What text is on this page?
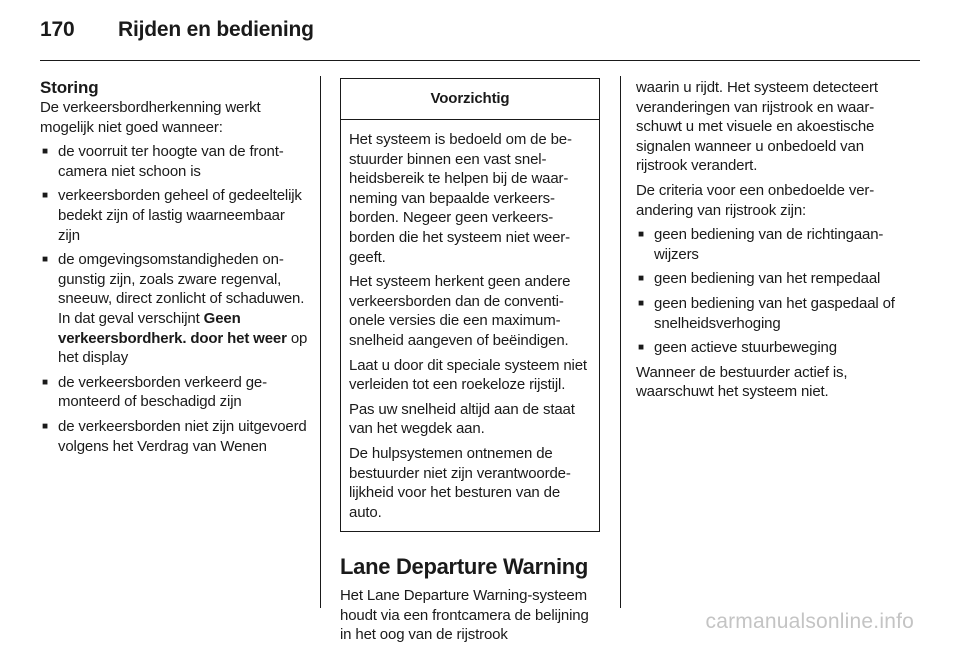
170 Rijden en bediening
Storing

De verkeersbordherkenning werkt mogelijk niet goed wanneer:

■ de voorruit ter hoogte van de frontcamera niet schoon is
■ verkeersborden geheel of gedeeltelijk bedekt zijn of lastig waarneembaar zijn
■ de omgevingsomstandigheden ongunstig zijn, zoals zware regenval, sneeuw, direct zonlicht of schaduwen. In dat geval verschijnt Geen verkeersbordherk. door het weer op het display
■ de verkeersborden verkeerd gemonteerd of beschadigd zijn
■ de verkeersborden niet zijn uitgevoerd volgens het Verdrag van Wenen
Voorzichtig

Het systeem is bedoeld om de bestuurder binnen een vast snelheidsbereik te helpen bij de waarneming van bepaalde verkeersborden. Negeer geen verkeersborden die het systeem niet weergeeft.

Het systeem herkent geen andere verkeersborden dan de conventionele versies die een maximumsnelheid aangeven of beëindigen.

Laat u door dit speciale systeem niet verleiden tot een roekeloze rijstijl.

Pas uw snelheid altijd aan de staat van het wegdek aan.

De hulpsystemen ontnemen de bestuurder niet zijn verantwoordelijkheid voor het besturen van de auto.

Lane Departure Warning

Het Lane Departure Warning-systeem houdt via een frontcamera de belijning in het oog van de rijstrook

waarin u rijdt. Het systeem detecteert veranderingen van rijstrook en waarschuwt u met visuele en akoestische signalen wanneer u onbedoeld van rijstrook verandert.

De criteria voor een onbedoelde verandering van rijstrook zijn:

■ geen bediening van de richtingaanwijzers
■ geen bediening van het rempedaal
■ geen bediening van het gaspedaal of snelheidsverhoging
■ geen actieve stuurbeweging

Wanneer de bestuurder actief is, waarschuwt het systeem niet.

carmanualsonline.info
